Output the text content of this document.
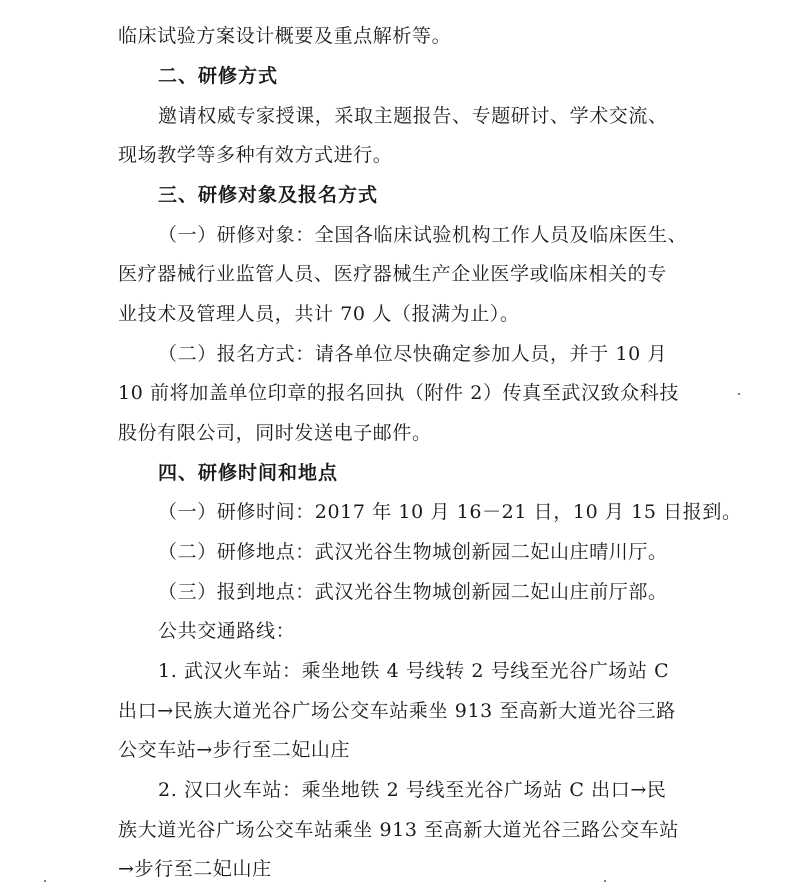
临床试验方案设计概要及重点解析等。
二、研修方式
邀请权威专家授课，采取主题报告、专题研讨、学术交流、
现场教学等多种有效方式进行。
三、研修对象及报名方式
（一）研修对象：全国各临床试验机构工作人员及临床医生、
医疗器械行业监管人员、医疗器械生产企业医学或临床相关的专
业技术及管理人员，共计 70 人（报满为止）。
（二）报名方式：请各单位尽快确定参加人员，并于 10 月
10 前将加盖单位印章的报名回执（附件 2）传真至武汉致众科技
股份有限公司，同时发送电子邮件。
四、研修时间和地点
（一）研修时间：2017 年 10 月 16－21 日，10 月 15 日报到。
（二）研修地点：武汉光谷生物城创新园二妃山庄晴川厅。
（三）报到地点：武汉光谷生物城创新园二妃山庄前厅部。
公共交通路线：
1. 武汉火车站：乘坐地铁 4 号线转 2 号线至光谷广场站 C
出口→民族大道光谷广场公交车站乘坐 913 至高新大道光谷三路
公交车站→步行至二妃山庄
2. 汉口火车站：乘坐地铁 2 号线至光谷广场站 C 出口→民
族大道光谷广场公交车站乘坐 913 至高新大道光谷三路公交车站
→步行至二妃山庄
